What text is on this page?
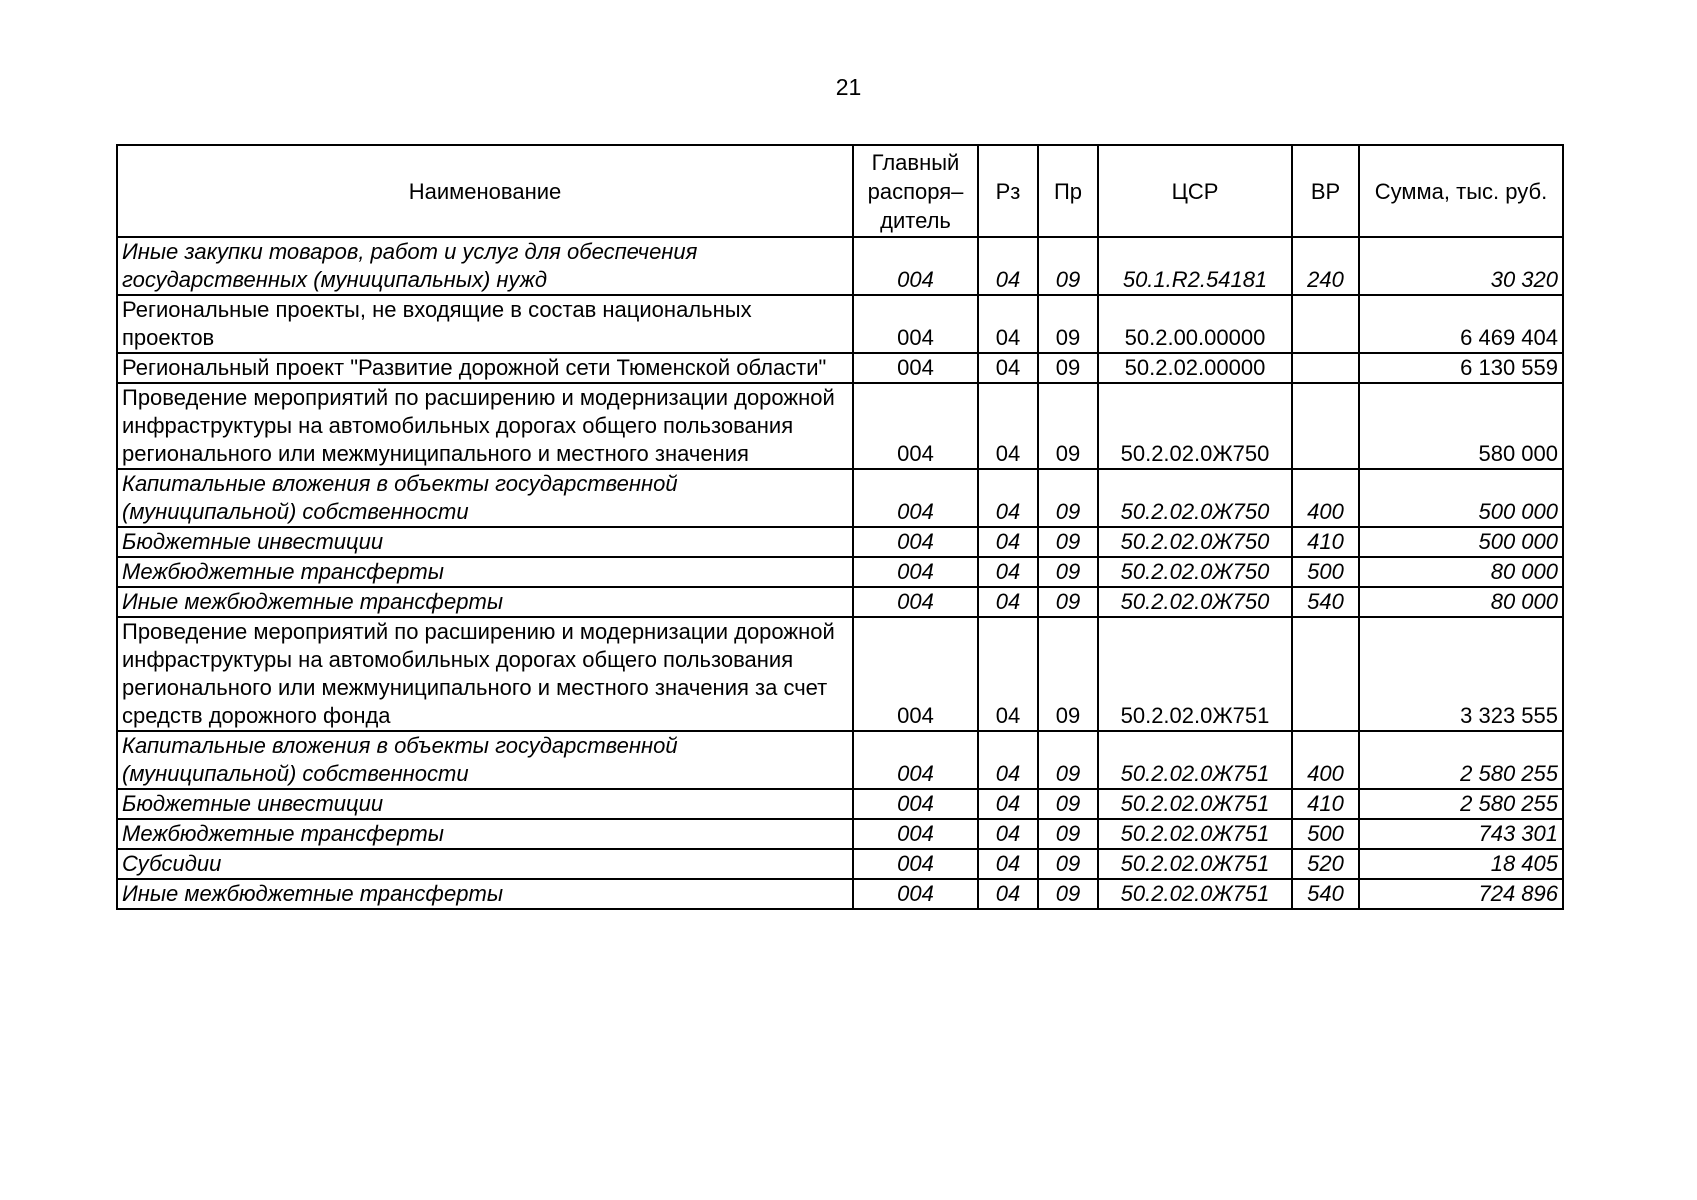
21
Наименование	Главный распоря– дитель	Рз	Пр	ЦСР	ВР	Сумма, тыс. руб.
Иные закупки товаров, работ и услуг для обеспечения государственных (муниципальных) нужд	004	04	09	50.1.R2.54181	240	30 320
Региональные проекты, не входящие в состав национальных проектов	004	04	09	50.2.00.00000		6 469 404
Региональный проект "Развитие дорожной сети Тюменской области"	004	04	09	50.2.02.00000		6 130 559
Проведение мероприятий по расширению и модернизации дорожной инфраструктуры на автомобильных дорогах общего пользования регионального или межмуниципального и местного значения	004	04	09	50.2.02.0Ж750		580 000
Капитальные вложения в объекты государственной (муниципальной) собственности	004	04	09	50.2.02.0Ж750	400	500 000
Бюджетные инвестиции	004	04	09	50.2.02.0Ж750	410	500 000
Межбюджетные трансферты	004	04	09	50.2.02.0Ж750	500	80 000
Иные межбюджетные трансферты	004	04	09	50.2.02.0Ж750	540	80 000
Проведение мероприятий по расширению и модернизации дорожной инфраструктуры на автомобильных дорогах общего пользования регионального или межмуниципального и местного значения за счет средств дорожного фонда	004	04	09	50.2.02.0Ж751		3 323 555
Капитальные вложения в объекты государственной (муниципальной) собственности	004	04	09	50.2.02.0Ж751	400	2 580 255
Бюджетные инвестиции	004	04	09	50.2.02.0Ж751	410	2 580 255
Межбюджетные трансферты	004	04	09	50.2.02.0Ж751	500	743 301
Субсидии	004	04	09	50.2.02.0Ж751	520	18 405
Иные межбюджетные трансферты	004	04	09	50.2.02.0Ж751	540	724 896
